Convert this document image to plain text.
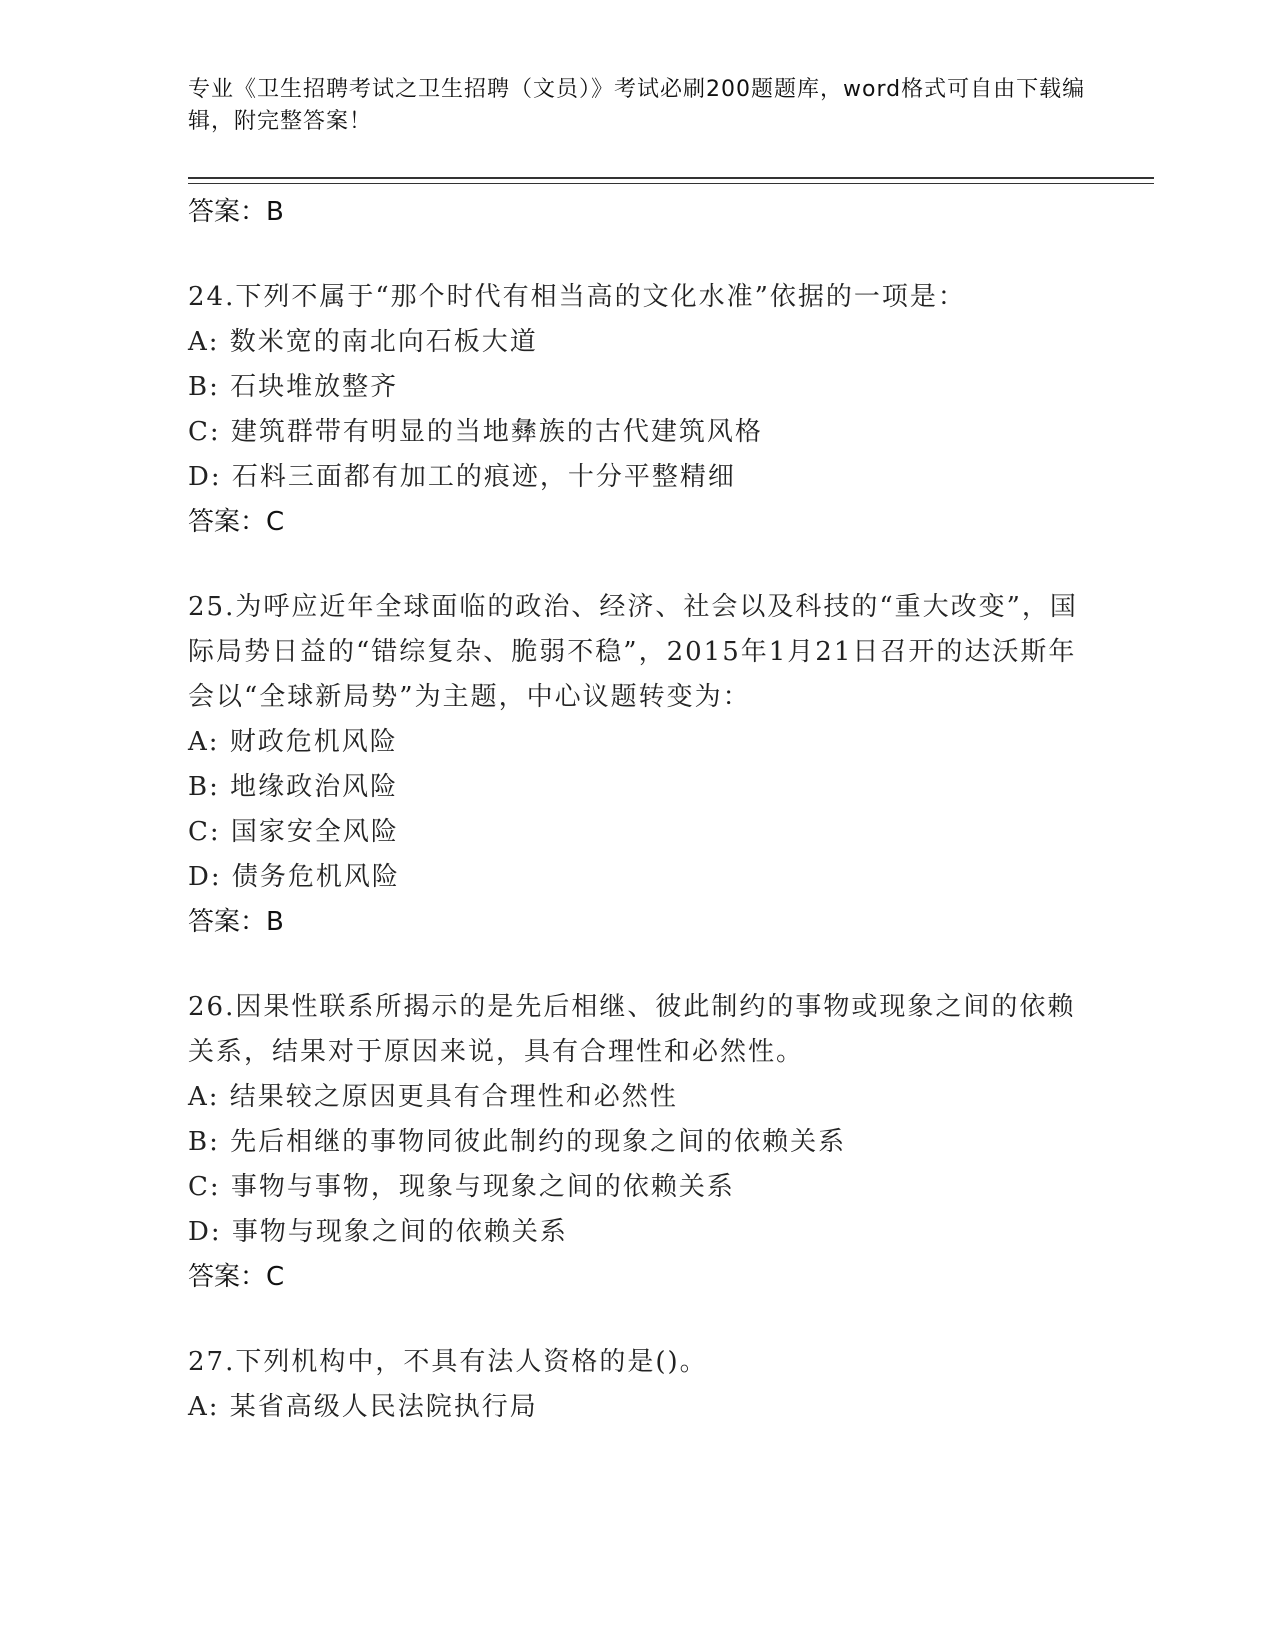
专业《卫生招聘考试之卫生招聘（文员）》考试必刷200题题库，word格式可自由下载编辑，附完整答案！
答案：B
24.下列不属于“那个时代有相当高的文化水准”依据的一项是：
A: 数米宽的南北向石板大道
B: 石块堆放整齐
C: 建筑群带有明显的当地彝族的古代建筑风格
D: 石料三面都有加工的痕迹，十分平整精细
答案：C
25.为呼应近年全球面临的政治、经济、社会以及科技的“重大改变”，国际局势日益的“错综复杂、脆弱不稳”，2015年1月21日召开的达沃斯年会以“全球新局势”为主题，中心议题转变为：
A: 财政危机风险
B: 地缘政治风险
C: 国家安全风险
D: 债务危机风险
答案：B
26.因果性联系所揭示的是先后相继、彼此制约的事物或现象之间的依赖关系，结果对于原因来说，具有合理性和必然性。
A: 结果较之原因更具有合理性和必然性
B: 先后相继的事物同彼此制约的现象之间的依赖关系
C: 事物与事物，现象与现象之间的依赖关系
D: 事物与现象之间的依赖关系
答案：C
27.下列机构中，不具有法人资格的是()。
A: 某省高级人民法院执行局
